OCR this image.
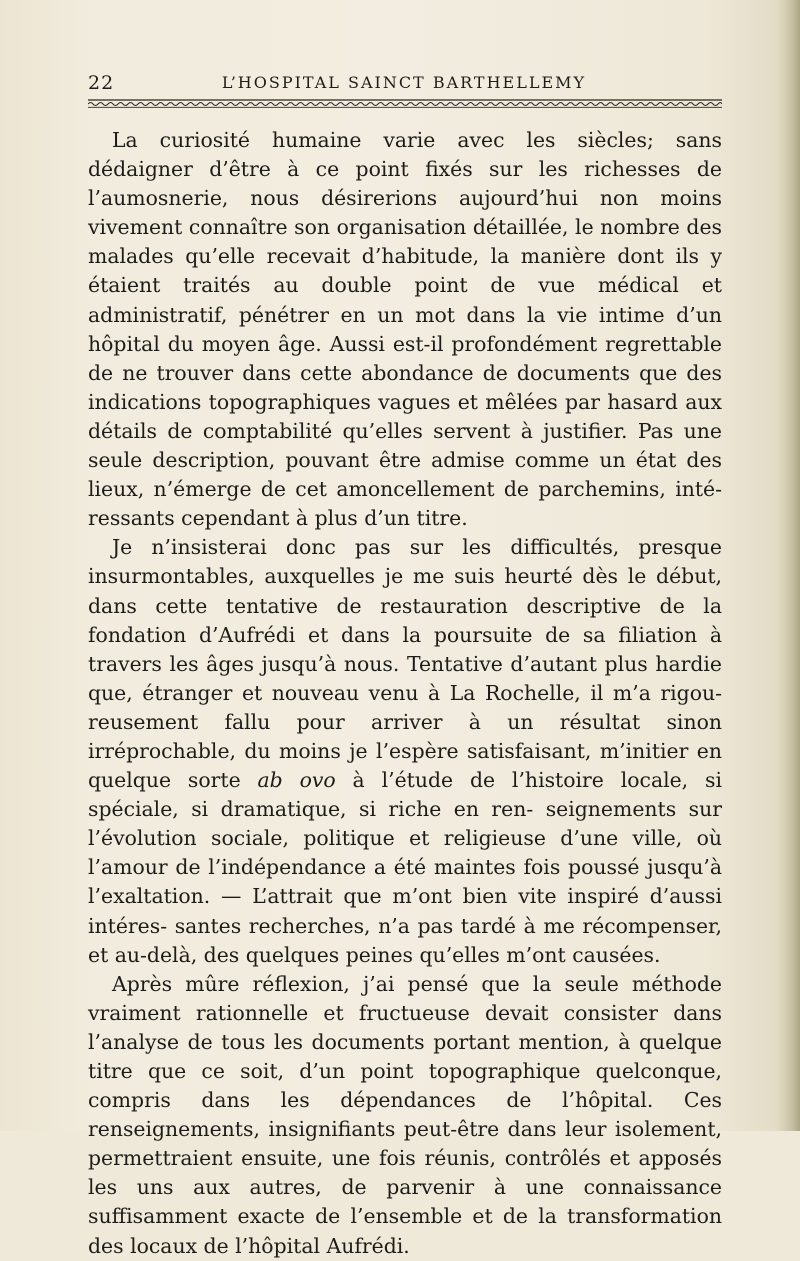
22	L’HOSPITAL SAINCT BARTHELLEMY

La curiosité humaine varie avec les siècles; sans dédaigner d’être à ce point fixés sur les richesses de l’aumosnerie, nous désirerions aujourd’hui non moins vivement connaître son organisation détaillée, le nombre des malades qu’elle recevait d’habitude, la manière dont ils y étaient traités au double point de vue médical et administratif, pénétrer en un mot dans la vie intime d’un hôpital du moyen âge. Aussi est-il profondément regrettable de ne trouver dans cette abondance de documents que des indications topographiques vagues et mêlées par hasard aux détails de comptabilité qu’elles servent à justifier. Pas une seule description, pouvant être admise comme un état des lieux, n’émerge de cet amoncellement de parchemins, inté- ressants cependant à plus d’un titre.

Je n’insisterai donc pas sur les difficultés, presque insurmontables, auxquelles je me suis heurté dès le début, dans cette tentative de restauration descriptive de la fondation d’Aufrédi et dans la poursuite de sa filiation à travers les âges jusqu’à nous. Tentative d’autant plus hardie que, étranger et nouveau venu à La Rochelle, il m’a rigou- reusement fallu pour arriver à un résultat sinon irréprochable, du moins je l’espère satisfaisant, m’initier en quelque sorte ab ovo à l’étude de l’histoire locale, si spéciale, si dramatique, si riche en ren- seignements sur l’évolution sociale, politique et religieuse d’une ville, où l’amour de l’indépendance a été maintes fois poussé jusqu’à l’exaltation. — L’attrait que m’ont bien vite inspiré d’aussi intéres- santes recherches, n’a pas tardé à me récompenser, et au-delà, des quelques peines qu’elles m’ont causées.

Après mûre réflexion, j’ai pensé que la seule méthode vraiment rationnelle et fructueuse devait consister dans l’analyse de tous les documents portant mention, à quelque titre que ce soit, d’un point topographique quelconque, compris dans les dépendances de l’hôpital. Ces renseignements, insignifiants peut-être dans leur isolement, permettraient ensuite, une fois réunis, contrôlés et apposés les uns aux autres, de parvenir à une connaissance suffisamment exacte de l’ensemble et de la transformation des locaux de l’hôpital Aufrédi.
